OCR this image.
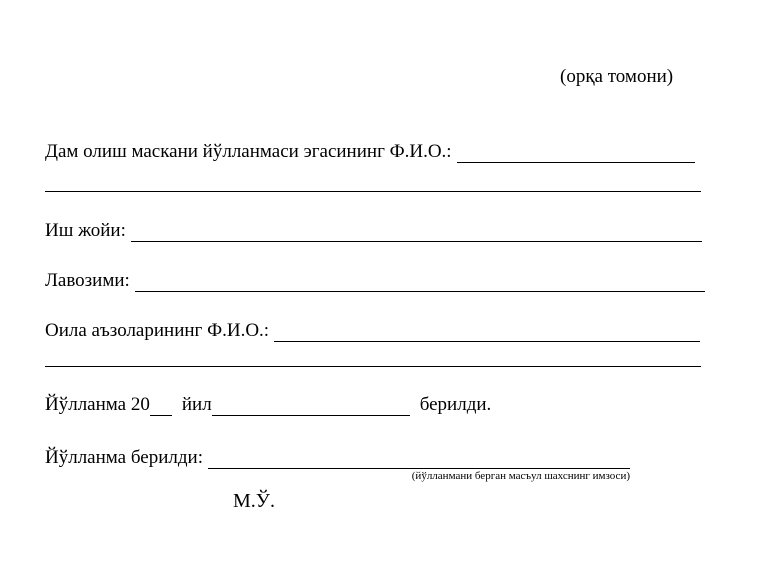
(орқа томони)
Дам олиш маскани йўлланмаси эгасининг Ф.И.О.:
Иш жойи:
Лавозими:
Оила аъзоларининг Ф.И.О.:
Йўлланма 20 йил	берилди.
Йўлланма берилди:
(йўлланмани берган масъул шахснинг имзоси)
М.Ў.
